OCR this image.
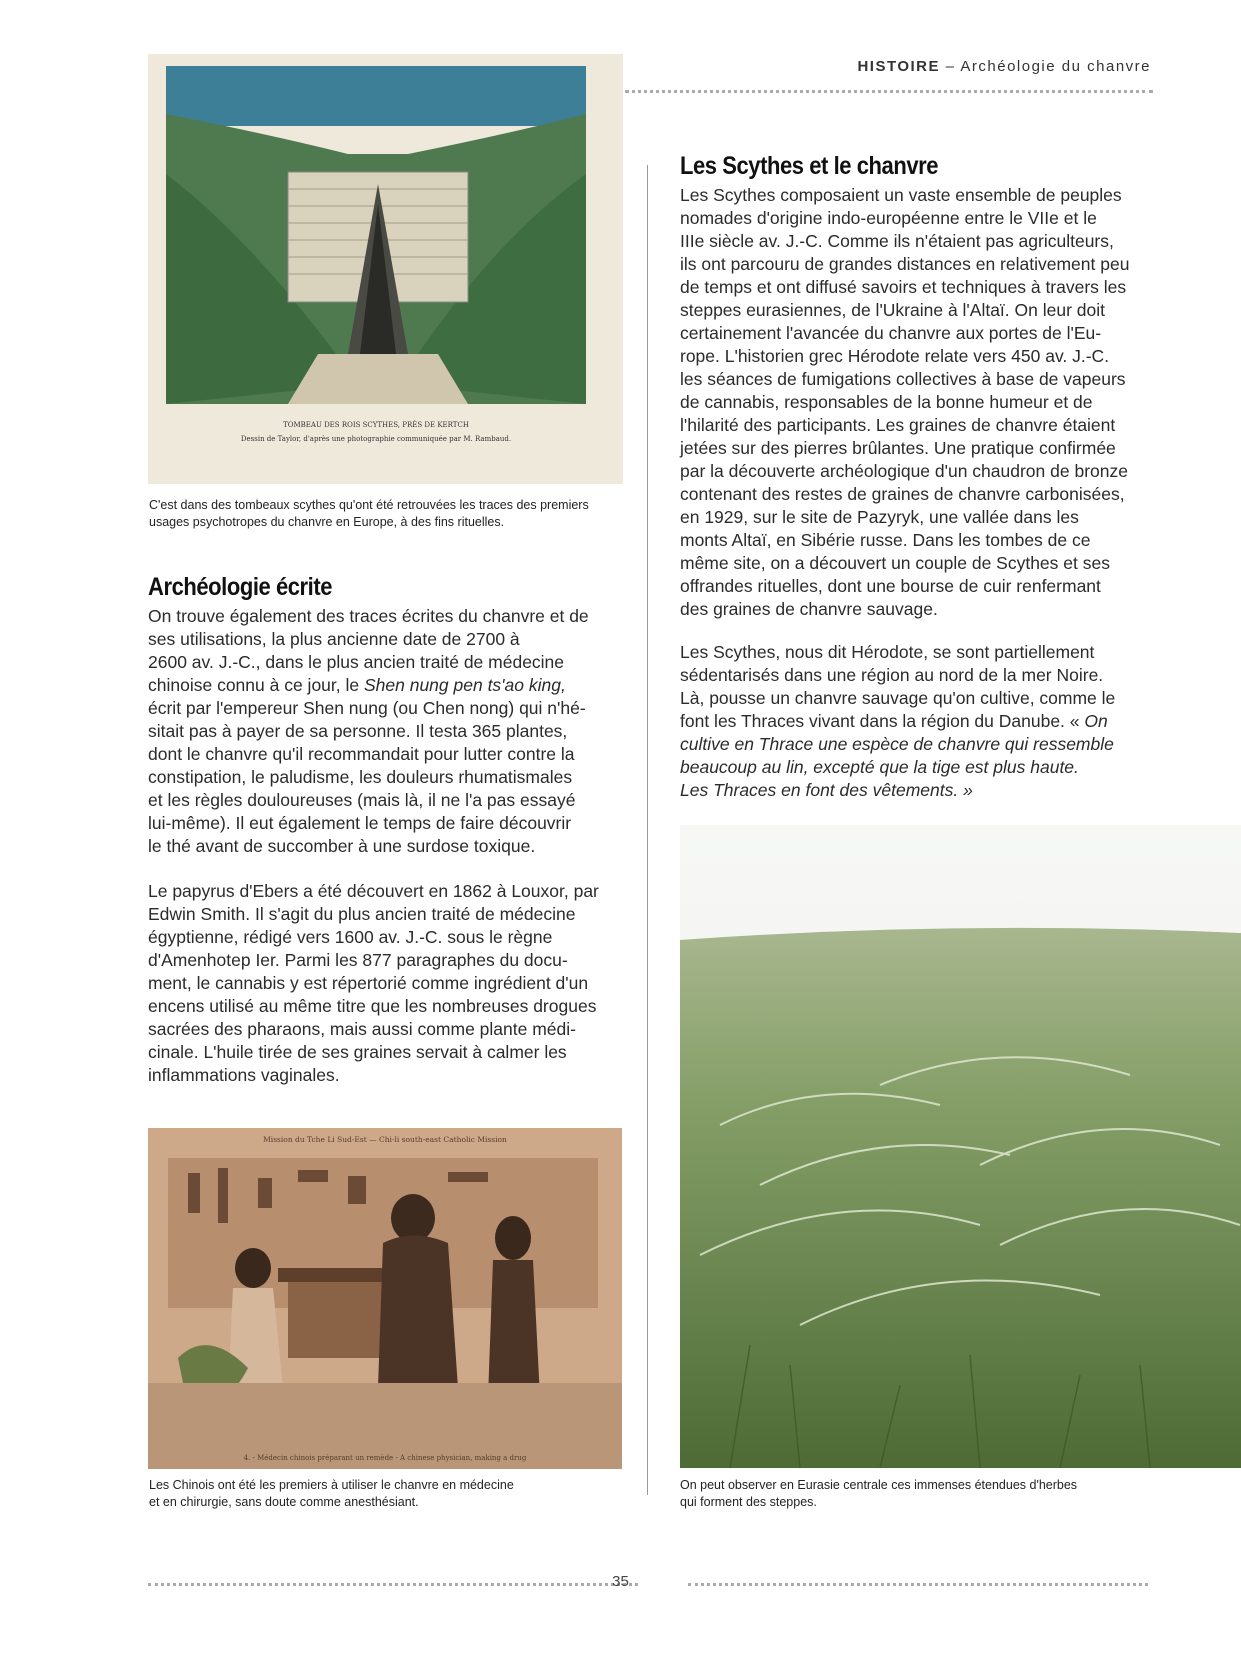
HISTOIRE – Archéologie du chanvre
TOMBEAU DES ROIS SCYTHES, PRÈS DE KERTCH
Dessin de Taylor, d'après une photographie communiquée par M. Rambaud.
C'est dans des tombeaux scythes qu'ont été retrouvées les traces des premiers
usages psychotropes du chanvre en Europe, à des fins rituelles.
Archéologie écrite
On trouve également des traces écrites du chanvre et de
ses utilisations, la plus ancienne date de 2700 à
2600 av. J.-C., dans le plus ancien traité de médecine
chinoise connu à ce jour, le Shen nung pen ts'ao king,
écrit par l'empereur Shen nung (ou Chen nong) qui n'hé-
sitait pas à payer de sa personne. Il testa 365 plantes,
dont le chanvre qu'il recommandait pour lutter contre la
constipation, le paludisme, les douleurs rhumatismales
et les règles douloureuses (mais là, il ne l'a pas essayé
lui-même). Il eut également le temps de faire découvrir
le thé avant de succomber à une surdose toxique.
Le papyrus d'Ebers a été découvert en 1862 à Louxor, par
Edwin Smith. Il s'agit du plus ancien traité de médecine
égyptienne, rédigé vers 1600 av. J.-C. sous le règne
d'Amenhotep Ier. Parmi les 877 paragraphes du docu-
ment, le cannabis y est répertorié comme ingrédient d'un
encens utilisé au même titre que les nombreuses drogues
sacrées des pharaons, mais aussi comme plante médi-
cinale. L'huile tirée de ses graines servait à calmer les
inflammations vaginales.
Mission du Tche Li Sud-Est — Chi-li south-east Catholic Mission
4. - Médecin chinois préparant un remède - A chinese physician, making a drug
Les Chinois ont été les premiers à utiliser le chanvre en médecine
et en chirurgie, sans doute comme anesthésiant.
Les Scythes et le chanvre
Les Scythes composaient un vaste ensemble de peuples
nomades d'origine indo-européenne entre le VIIe et le
IIIe siècle av. J.-C. Comme ils n'étaient pas agriculteurs,
ils ont parcouru de grandes distances en relativement peu
de temps et ont diffusé savoirs et techniques à travers les
steppes eurasiennes, de l'Ukraine à l'Altaï. On leur doit
certainement l'avancée du chanvre aux portes de l'Eu-
rope. L'historien grec Hérodote relate vers 450 av. J.-C.
les séances de fumigations collectives à base de vapeurs
de cannabis, responsables de la bonne humeur et de
l'hilarité des participants. Les graines de chanvre étaient
jetées sur des pierres brûlantes. Une pratique confirmée
par la découverte archéologique d'un chaudron de bronze
contenant des restes de graines de chanvre carbonisées,
en 1929, sur le site de Pazyryk, une vallée dans les
monts Altaï, en Sibérie russe. Dans les tombes de ce
même site, on a découvert un couple de Scythes et ses
offrandes rituelles, dont une bourse de cuir renfermant
des graines de chanvre sauvage.
Les Scythes, nous dit Hérodote, se sont partiellement
sédentarisés dans une région au nord de la mer Noire.
Là, pousse un chanvre sauvage qu'on cultive, comme le
font les Thraces vivant dans la région du Danube. « On
cultive en Thrace une espèce de chanvre qui ressemble
beaucoup au lin, excepté que la tige est plus haute.
Les Thraces en font des vêtements. »
On peut observer en Eurasie centrale ces immenses étendues d'herbes
qui forment des steppes.
35
